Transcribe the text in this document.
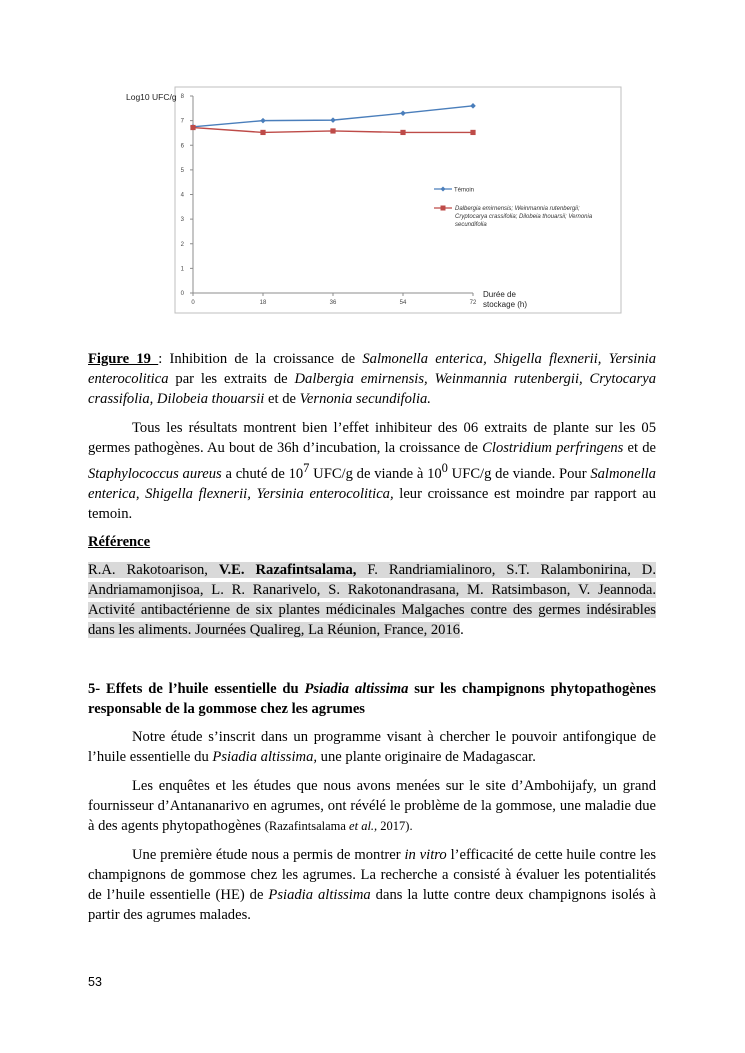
Log10 UFC/g
0
1
2
3
4
5
6
7
8
0	18	36	54	72
Durée de
stockage (h)
Témoin
Dalbergia emirnensis; Weinmannia rutenbergii;
Cryptocarya crassifolia; Dilobeia thouarsii; Vernonia
secundifolia

Figure 19 : Inhibition de la croissance de Salmonella enterica, Shigella flexnerii, Yersinia enterocolitica par les extraits de Dalbergia emirnensis, Weinmannia rutenbergii, Crytocarya crassifolia, Dilobeia thouarsii et de Vernonia secundifolia.

Tous les résultats montrent bien l’effet inhibiteur des 06 extraits de plante sur les 05 germes pathogènes. Au bout de 36h d’incubation, la croissance de Clostridium perfringens et de Staphylococcus aureus a chuté de $10^7$ UFC/g de viande à $10^0$ UFC/g de viande. Pour Salmonella enterica, Shigella flexnerii, Yersinia enterocolitica, leur croissance est moindre par rapport au temoin.

Référence

R.A. Rakotoarison, V.E. Razafintsalama, F. Randriamialinoro, S.T. Ralambonirina, D. Andriamamonjisoa, L. R. Ranarivelo, S. Rakotonandrasana, M. Ratsimbason, V. Jeannoda. Activité antibactérienne de six plantes médicinales Malgaches contre des germes indésirables dans les aliments. Journées Qualireg, La Réunion, France, 2016.

5- Effets de l’huile essentielle du Psiadia altissima sur les champignons phytopathogènes responsable de la gommose chez les agrumes

Notre étude s’inscrit dans un programme visant à chercher le pouvoir antifongique de l’huile essentielle du Psiadia altissima, une plante originaire de Madagascar.

Les enquêtes et les études que nous avons menées sur le site d’Ambohijafy, un grand fournisseur d’Antananarivo en agrumes, ont révélé le problème de la gommose, une maladie due à des agents phytopathogènes (Razafintsalama et al., 2017).

Une première étude nous a permis de montrer in vitro l’efficacité de cette huile contre les champignons de gommose chez les agrumes. La recherche a consisté à évaluer les potentialités de l’huile essentielle (HE) de Psiadia altissima dans la lutte contre deux champignons isolés à partir des agrumes malades.

53
